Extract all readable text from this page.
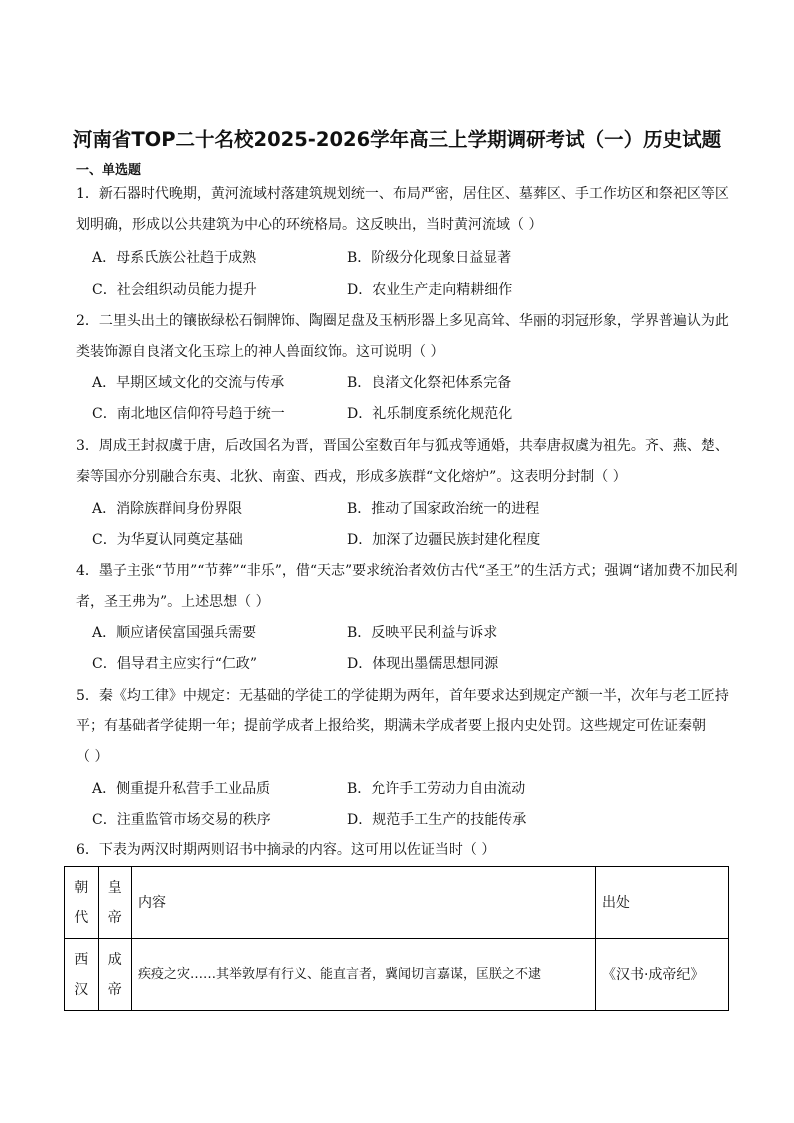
河南省TOP二十名校2025-2026学年高三上学期调研考试（一）历史试题
一、单选题
1．新石器时代晚期，黄河流域村落建筑规划统一、布局严密，居住区、墓葬区、手工作坊区和祭祀区等区
划明确，形成以公共建筑为中心的环统格局。这反映出，当时黄河流域（ ）
A．母系氏族公社趋于成熟	B．阶级分化现象日益显著
C．社会组织动员能力提升	D．农业生产走向精耕细作
2．二里头出土的镶嵌绿松石铜牌饰、陶圈足盘及玉柄形器上多见高耸、华丽的羽冠形象，学界普遍认为此
类装饰源自良渚文化玉琮上的神人兽面纹饰。这可说明（ ）
A．早期区域文化的交流与传承	B．良渚文化祭祀体系完备
C．南北地区信仰符号趋于统一	D．礼乐制度系统化规范化
3．周成王封叔虞于唐，后改国名为晋，晋国公室数百年与狐戎等通婚，共奉唐叔虞为祖先。齐、燕、楚、
秦等国亦分别融合东夷、北狄、南蛮、西戎，形成多族群“文化熔炉”。这表明分封制（ ）
A．消除族群间身份界限	B．推动了国家政治统一的进程
C．为华夏认同奠定基础	D．加深了边疆民族封建化程度
4．墨子主张“节用”“节葬”“非乐”，借“天志”要求统治者效仿古代“圣王”的生活方式；强调“诸加费不加民利
者，圣王弗为”。上述思想（ ）
A．顺应诸侯富国强兵需要	B．反映平民利益与诉求
C．倡导君主应实行“仁政”	D．体现出墨儒思想同源
5．秦《均工律》中规定：无基础的学徒工的学徒期为两年，首年要求达到规定产额一半，次年与老工匠持
平；有基础者学徒期一年；提前学成者上报给奖，期满未学成者要上报内史处罚。这些规定可佐证秦朝
（ ）
A．侧重提升私营手工业品质	B．允许手工劳动力自由流动
C．注重监管市场交易的秩序	D．规范手工生产的技能传承
6．下表为两汉时期两则诏书中摘录的内容。这可用以佐证当时（ ）
朝代	皇帝	内容	出处

西汉	成帝	疾疫之灾……其举敦厚有行义、能直言者，冀闻切言嘉谋，匡朕之不逮	《汉书·成帝纪》
